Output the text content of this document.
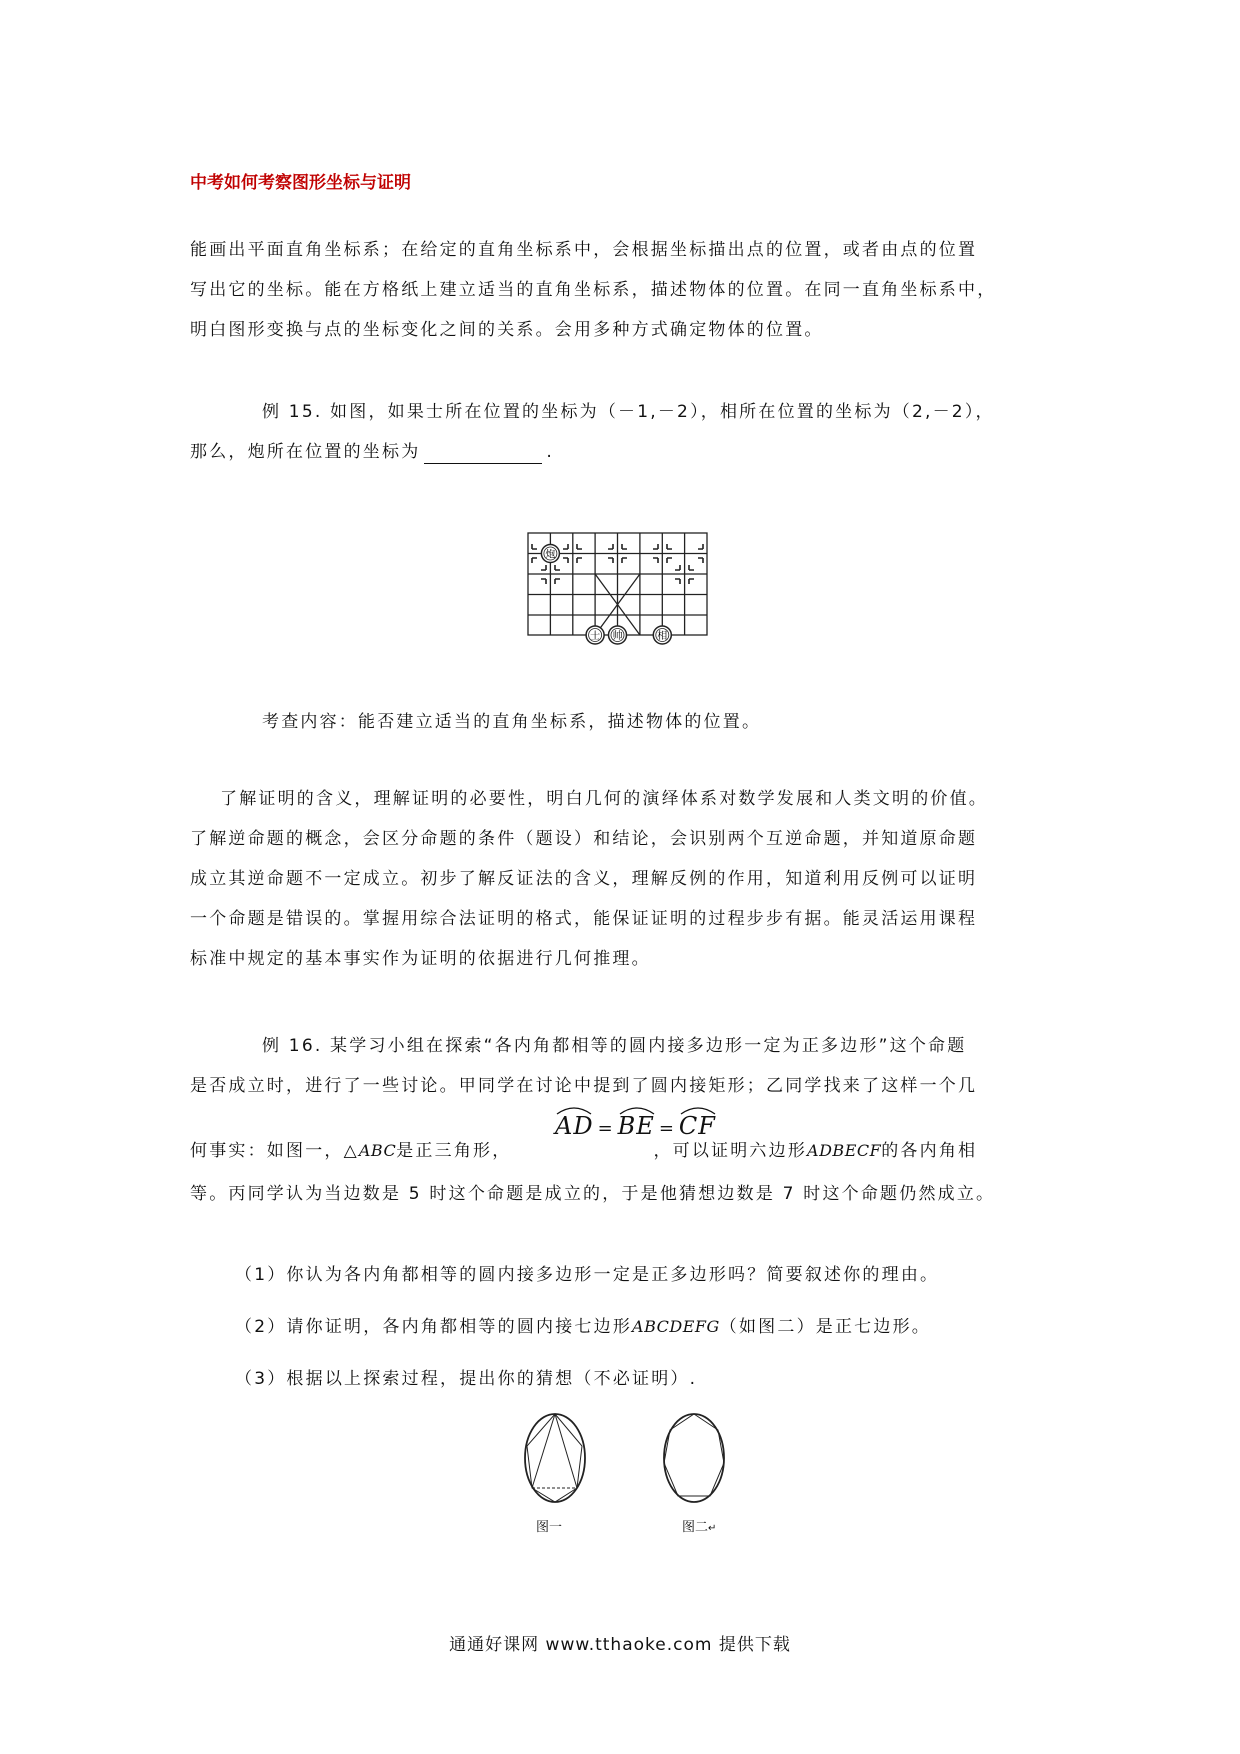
中考如何考察图形坐标与证明
能画出平面直角坐标系；在给定的直角坐标系中，会根据坐标描出点的位置，或者由点的位置
写出它的坐标。能在方格纸上建立适当的直角坐标系，描述物体的位置。在同一直角坐标系中，
明白图形变换与点的坐标变化之间的关系。会用多种方式确定物体的位置。
例 15. 如图，如果士所在位置的坐标为（－1,－2），相所在位置的坐标为（2,－2），
那么，炮所在位置的坐标为	.
炮
士 帅	相
考查内容：能否建立适当的直角坐标系，描述物体的位置。
了解证明的含义，理解证明的必要性，明白几何的演绎体系对数学发展和人类文明的价值。
了解逆命题的概念，会区分命题的条件（题设）和结论，会识别两个互逆命题，并知道原命题
成立其逆命题不一定成立。初步了解反证法的含义，理解反例的作用，知道利用反例可以证明
一个命题是错误的。掌握用综合法证明的格式，能保证证明的过程步步有据。能灵活运用课程
标准中规定的基本事实作为证明的依据进行几何推理。
例 16. 某学习小组在探索“各内角都相等的圆内接多边形一定为正多边形”这个命题
是否成立时，进行了一些讨论。甲同学在讨论中提到了圆内接矩形；乙同学找来了这样一个几
何事实：如图一，△ABC是正三角形，	，可以证明六边形ADBECF的各内角相
AD = BE = CF
等。丙同学认为当边数是 5 时这个命题是成立的，于是他猜想边数是 7 时这个命题仍然成立。
（1）你认为各内角都相等的圆内接多边形一定是正多边形吗？简要叙述你的理由。
（2）请你证明，各内角都相等的圆内接七边形ABCDEFG（如图二）是正七边形。
（3）根据以上探索过程，提出你的猜想（不必证明）.
图一	图二↵
通通好课网 www.tthaoke.com 提供下载
